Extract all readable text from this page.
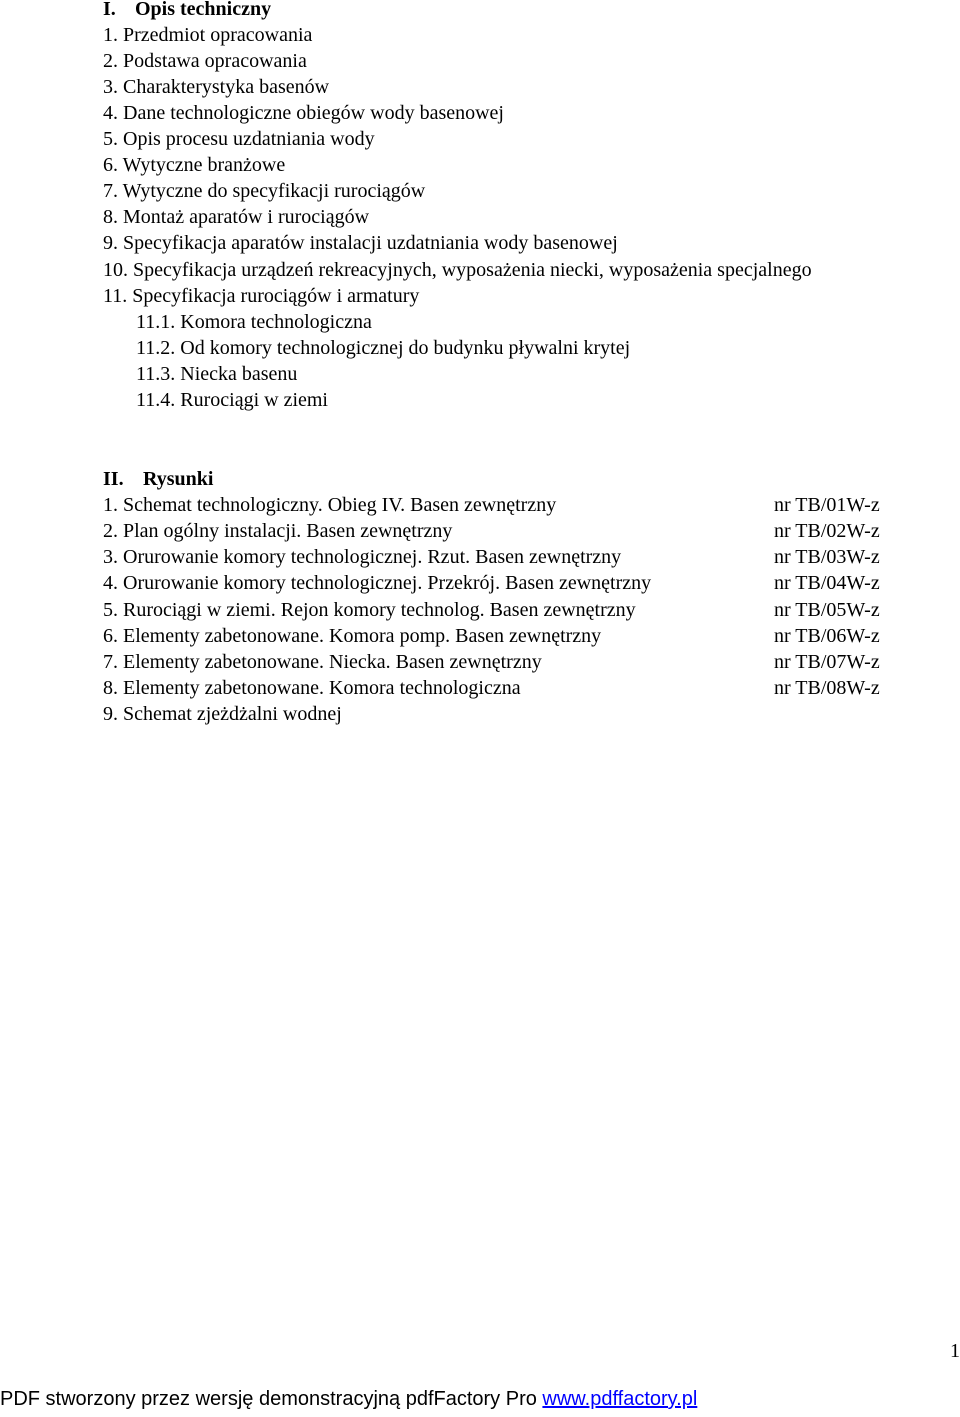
I. Opis techniczny
1. Przedmiot opracowania
2. Podstawa opracowania
3. Charakterystyka basenów
4. Dane technologiczne obiegów wody basenowej
5. Opis procesu uzdatniania wody
6. Wytyczne branżowe
7. Wytyczne do specyfikacji rurociągów
8. Montaż aparatów i rurociągów
9. Specyfikacja aparatów instalacji uzdatniania wody basenowej
10. Specyfikacja urządzeń rekreacyjnych, wyposażenia niecki, wyposażenia specjalnego
11. Specyfikacja rurociągów i armatury
11.1. Komora technologiczna
11.2. Od komory technologicznej do budynku pływalni krytej
11.3. Niecka basenu
11.4. Rurociągi w ziemi
II. Rysunki
1. Schemat technologiczny. Obieg IV. Basen zewnętrzny	nr TB/01W-z
2. Plan ogólny instalacji. Basen zewnętrzny	nr TB/02W-z
3. Orurowanie komory technologicznej. Rzut. Basen zewnętrzny	nr TB/03W-z
4. Orurowanie komory technologicznej. Przekrój. Basen zewnętrzny	nr TB/04W-z
5. Rurociągi w ziemi. Rejon komory technolog. Basen zewnętrzny	nr TB/05W-z
6. Elementy zabetonowane. Komora pomp. Basen zewnętrzny	nr TB/06W-z
7. Elementy zabetonowane. Niecka. Basen zewnętrzny	nr TB/07W-z
8. Elementy zabetonowane. Komora technologiczna	nr TB/08W-z
9. Schemat zjeżdżalni wodnej
1
PDF stworzony przez wersję demonstracyjną pdfFactory Pro www.pdffactory.pl
